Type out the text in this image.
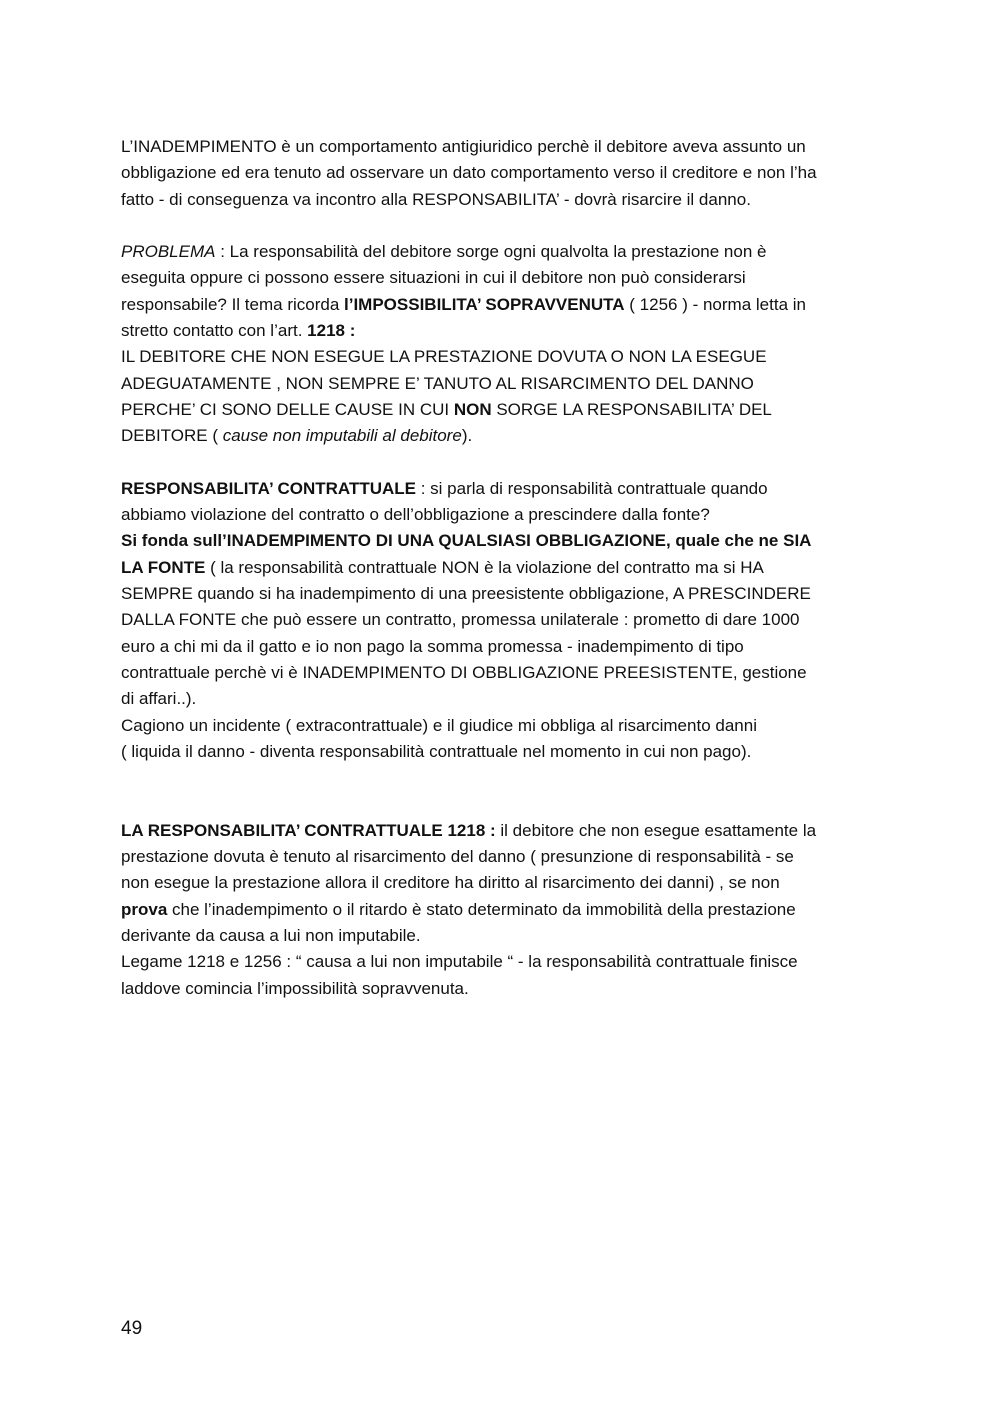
L’INADEMPIMENTO è un comportamento antigiuridico perchè il debitore aveva assunto un
obbligazione ed era tenuto ad osservare un dato comportamento verso il creditore e non l’ha
fatto - di conseguenza va incontro alla RESPONSABILITA’ - dovrà risarcire il danno.

PROBLEMA : La responsabilità del debitore sorge ogni qualvolta la prestazione non è
eseguita oppure ci possono essere situazioni in cui il debitore non può considerarsi
responsabile? Il tema ricorda l’IMPOSSIBILITA’ SOPRAVVENUTA ( 1256 ) - norma letta in
stretto contatto con l’art. 1218 :
IL DEBITORE CHE NON ESEGUE LA PRESTAZIONE DOVUTA O NON LA ESEGUE
ADEGUATAMENTE , NON SEMPRE E’ TANUTO AL RISARCIMENTO DEL DANNO
PERCHE’ CI SONO DELLE CAUSE IN CUI NON SORGE LA RESPONSABILITA’ DEL
DEBITORE ( cause non imputabili al debitore).

RESPONSABILITA’ CONTRATTUALE : si parla di responsabilità contrattuale quando
abbiamo violazione del contratto o dell’obbligazione a prescindere dalla fonte?
Si fonda sull’INADEMPIMENTO DI UNA QUALSIASI OBBLIGAZIONE, quale che ne SIA
LA FONTE ( la responsabilità contrattuale NON è la violazione del contratto ma si HA
SEMPRE quando si ha inadempimento di una preesistente obbligazione, A PRESCINDERE
DALLA FONTE che può essere un contratto, promessa unilaterale : prometto di dare 1000
euro a chi mi da il gatto e io non pago la somma promessa - inadempimento di tipo
contrattuale perchè vi è INADEMPIMENTO DI OBBLIGAZIONE PREESISTENTE, gestione
di affari..).
Cagiono un incidente ( extracontrattuale) e il giudice mi obbliga al risarcimento danni
( liquida il danno - diventa responsabilità contrattuale nel momento in cui non pago).

LA RESPONSABILITA’ CONTRATTUALE 1218 : il debitore che non esegue esattamente la
prestazione dovuta è tenuto al risarcimento del danno ( presunzione di responsabilità - se
non esegue la prestazione allora il creditore ha diritto al risarcimento dei danni) , se non
prova che l’inadempimento o il ritardo è stato determinato da immobilità della prestazione
derivante da causa a lui non imputabile.
Legame 1218 e 1256 : “ causa a lui non imputabile “ - la responsabilità contrattuale finisce
laddove comincia l’impossibilità sopravvenuta.

49
